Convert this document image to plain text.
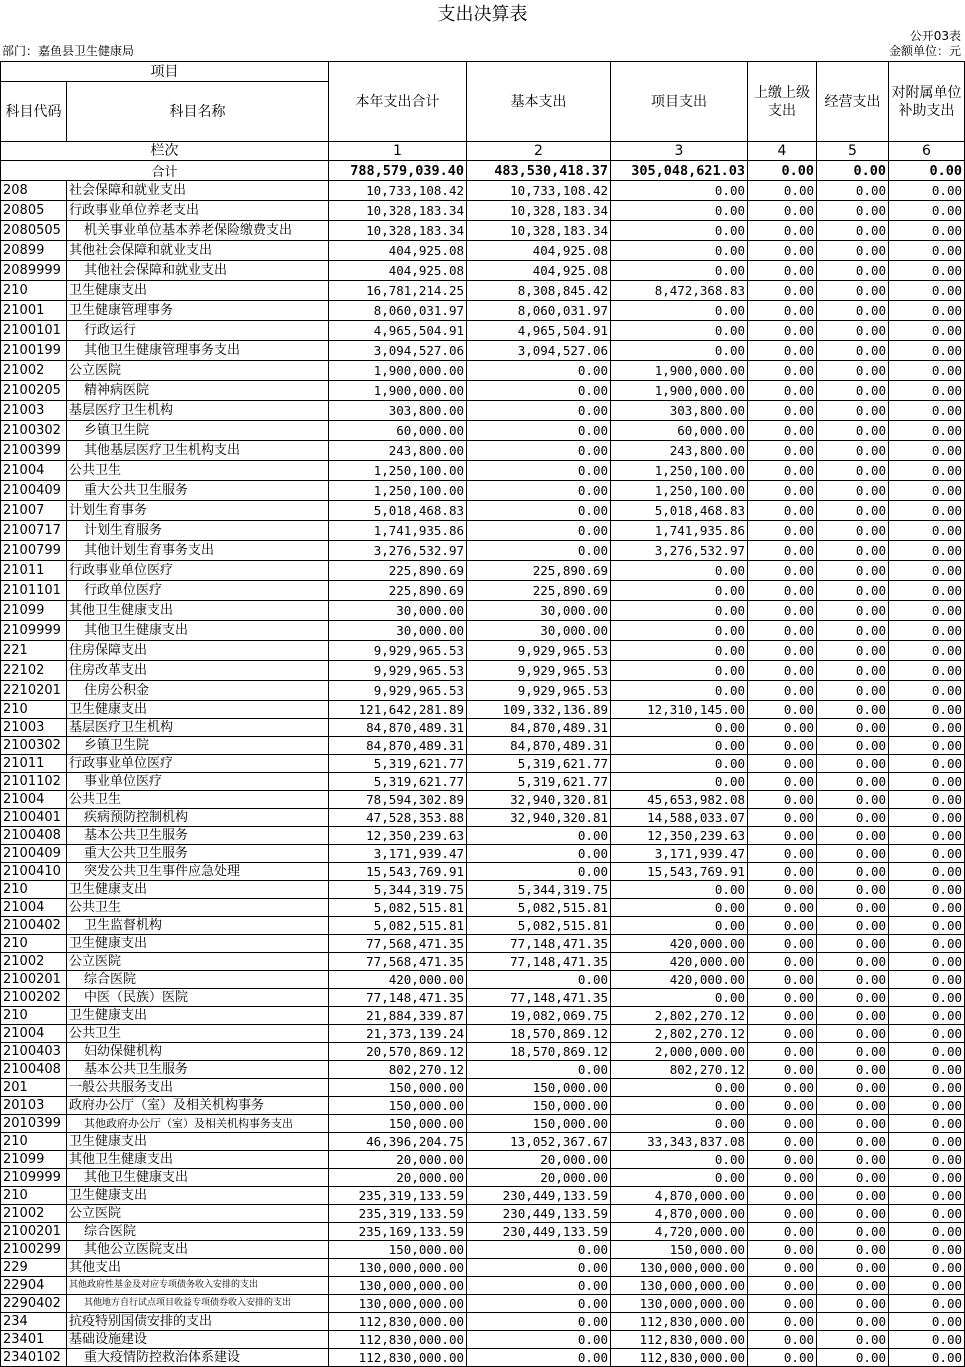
支出决算表
公开03表
部门：嘉鱼县卫生健康局	金额单位：元
项目		本年支出合计	基本支出	项目支出	上缴上级支出	经营支出	对附属单位补助支出
科目代码	科目名称						
栏次		1	2	3	4	5	6
合计		788,579,039.40	483,530,418.37	305,048,621.03	0.00	0.00	0.00
208	社会保障和就业支出	10,733,108.42	10,733,108.42	0.00	0.00	0.00	0.00
20805	行政事业单位养老支出	10,328,183.34	10,328,183.34	0.00	0.00	0.00	0.00
2080505	机关事业单位基本养老保险缴费支出	10,328,183.34	10,328,183.34	0.00	0.00	0.00	0.00
20899	其他社会保障和就业支出	404,925.08	404,925.08	0.00	0.00	0.00	0.00
2089999	其他社会保障和就业支出	404,925.08	404,925.08	0.00	0.00	0.00	0.00
210	卫生健康支出	16,781,214.25	8,308,845.42	8,472,368.83	0.00	0.00	0.00
21001	卫生健康管理事务	8,060,031.97	8,060,031.97	0.00	0.00	0.00	0.00
2100101	行政运行	4,965,504.91	4,965,504.91	0.00	0.00	0.00	0.00
2100199	其他卫生健康管理事务支出	3,094,527.06	3,094,527.06	0.00	0.00	0.00	0.00
21002	公立医院	1,900,000.00	0.00	1,900,000.00	0.00	0.00	0.00
2100205	精神病医院	1,900,000.00	0.00	1,900,000.00	0.00	0.00	0.00
21003	基层医疗卫生机构	303,800.00	0.00	303,800.00	0.00	0.00	0.00
2100302	乡镇卫生院	60,000.00	0.00	60,000.00	0.00	0.00	0.00
2100399	其他基层医疗卫生机构支出	243,800.00	0.00	243,800.00	0.00	0.00	0.00
21004	公共卫生	1,250,100.00	0.00	1,250,100.00	0.00	0.00	0.00
2100409	重大公共卫生服务	1,250,100.00	0.00	1,250,100.00	0.00	0.00	0.00
21007	计划生育事务	5,018,468.83	0.00	5,018,468.83	0.00	0.00	0.00
2100717	计划生育服务	1,741,935.86	0.00	1,741,935.86	0.00	0.00	0.00
2100799	其他计划生育事务支出	3,276,532.97	0.00	3,276,532.97	0.00	0.00	0.00
21011	行政事业单位医疗	225,890.69	225,890.69	0.00	0.00	0.00	0.00
2101101	行政单位医疗	225,890.69	225,890.69	0.00	0.00	0.00	0.00
21099	其他卫生健康支出	30,000.00	30,000.00	0.00	0.00	0.00	0.00
2109999	其他卫生健康支出	30,000.00	30,000.00	0.00	0.00	0.00	0.00
221	住房保障支出	9,929,965.53	9,929,965.53	0.00	0.00	0.00	0.00
22102	住房改革支出	9,929,965.53	9,929,965.53	0.00	0.00	0.00	0.00
2210201	住房公积金	9,929,965.53	9,929,965.53	0.00	0.00	0.00	0.00
210	卫生健康支出	121,642,281.89	109,332,136.89	12,310,145.00	0.00	0.00	0.00
21003	基层医疗卫生机构	84,870,489.31	84,870,489.31	0.00	0.00	0.00	0.00
2100302	乡镇卫生院	84,870,489.31	84,870,489.31	0.00	0.00	0.00	0.00
21011	行政事业单位医疗	5,319,621.77	5,319,621.77	0.00	0.00	0.00	0.00
2101102	事业单位医疗	5,319,621.77	5,319,621.77	0.00	0.00	0.00	0.00
21004	公共卫生	78,594,302.89	32,940,320.81	45,653,982.08	0.00	0.00	0.00
2100401	疾病预防控制机构	47,528,353.88	32,940,320.81	14,588,033.07	0.00	0.00	0.00
2100408	基本公共卫生服务	12,350,239.63	0.00	12,350,239.63	0.00	0.00	0.00
2100409	重大公共卫生服务	3,171,939.47	0.00	3,171,939.47	0.00	0.00	0.00
2100410	突发公共卫生事件应急处理	15,543,769.91	0.00	15,543,769.91	0.00	0.00	0.00
210	卫生健康支出	5,344,319.75	5,344,319.75	0.00	0.00	0.00	0.00
21004	公共卫生	5,082,515.81	5,082,515.81	0.00	0.00	0.00	0.00
2100402	卫生监督机构	5,082,515.81	5,082,515.81	0.00	0.00	0.00	0.00
210	卫生健康支出	77,568,471.35	77,148,471.35	420,000.00	0.00	0.00	0.00
21002	公立医院	77,568,471.35	77,148,471.35	420,000.00	0.00	0.00	0.00
2100201	综合医院	420,000.00	0.00	420,000.00	0.00	0.00	0.00
2100202	中医（民族）医院	77,148,471.35	77,148,471.35	0.00	0.00	0.00	0.00
210	卫生健康支出	21,884,339.87	19,082,069.75	2,802,270.12	0.00	0.00	0.00
21004	公共卫生	21,373,139.24	18,570,869.12	2,802,270.12	0.00	0.00	0.00
2100403	妇幼保健机构	20,570,869.12	18,570,869.12	2,000,000.00	0.00	0.00	0.00
2100408	基本公共卫生服务	802,270.12	0.00	802,270.12	0.00	0.00	0.00
201	一般公共服务支出	150,000.00	150,000.00	0.00	0.00	0.00	0.00
20103	政府办公厅（室）及相关机构事务	150,000.00	150,000.00	0.00	0.00	0.00	0.00
2010399	其他政府办公厅（室）及相关机构事务支出	150,000.00	150,000.00	0.00	0.00	0.00	0.00
210	卫生健康支出	46,396,204.75	13,052,367.67	33,343,837.08	0.00	0.00	0.00
21099	其他卫生健康支出	20,000.00	20,000.00	0.00	0.00	0.00	0.00
2109999	其他卫生健康支出	20,000.00	20,000.00	0.00	0.00	0.00	0.00
210	卫生健康支出	235,319,133.59	230,449,133.59	4,870,000.00	0.00	0.00	0.00
21002	公立医院	235,319,133.59	230,449,133.59	4,870,000.00	0.00	0.00	0.00
2100201	综合医院	235,169,133.59	230,449,133.59	4,720,000.00	0.00	0.00	0.00
2100299	其他公立医院支出	150,000.00	0.00	150,000.00	0.00	0.00	0.00
229	其他支出	130,000,000.00	0.00	130,000,000.00	0.00	0.00	0.00
22904	其他政府性基金及对应专项债务收入安排的支出	130,000,000.00	0.00	130,000,000.00	0.00	0.00	0.00
2290402	其他地方自行试点项目收益专项债券收入安排的支出	130,000,000.00	0.00	130,000,000.00	0.00	0.00	0.00
234	抗疫特别国债安排的支出	112,830,000.00	0.00	112,830,000.00	0.00	0.00	0.00
23401	基础设施建设	112,830,000.00	0.00	112,830,000.00	0.00	0.00	0.00
2340102	重大疫情防控救治体系建设	112,830,000.00	0.00	112,830,000.00	0.00	0.00	0.00
